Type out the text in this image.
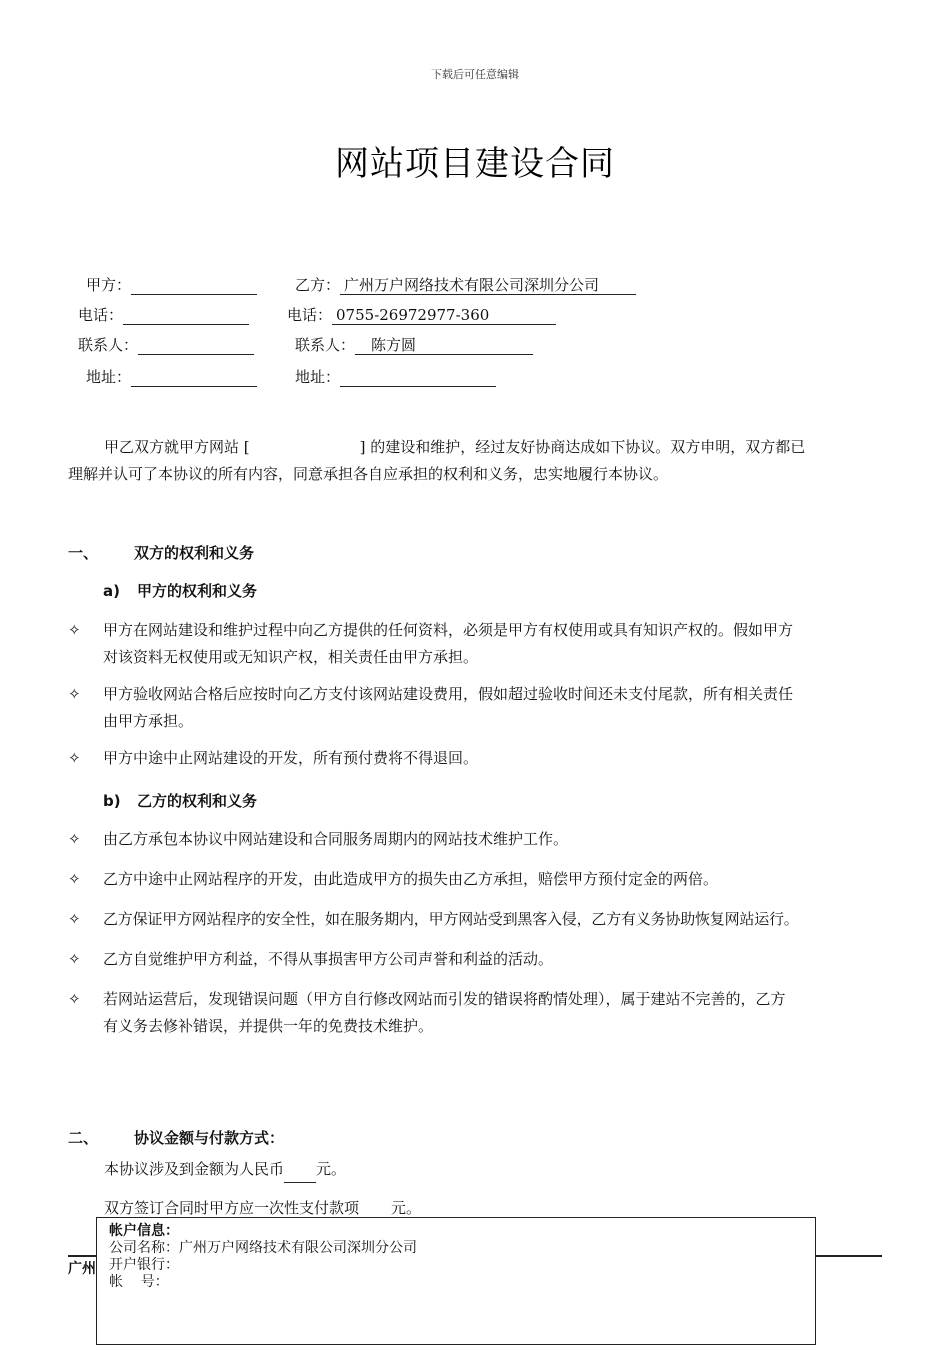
下载后可任意编辑
网站项目建设合同
甲方：	乙方： 广州万户网络技术有限公司深圳分公司
电话：	电话： 0755-26972977-360
联系人：	联系人： 陈方圆
地址：	地址：
甲乙双方就甲方网站 [	] 的建设和维护，经过友好协商达成如下协议。双方申明，双方都已
理解并认可了本协议的所有内容，同意承担各自应承担的权利和义务，忠实地履行本协议。
一、 双方的权利和义务
a) 甲方的权利和义务
✧	甲方在网站建设和维护过程中向乙方提供的任何资料，必须是甲方有权使用或具有知识产权的。假如甲方
对该资料无权使用或无知识产权，相关责任由甲方承担。
✧	甲方验收网站合格后应按时向乙方支付该网站建设费用，假如超过验收时间还未支付尾款，所有相关责任
由甲方承担。
✧	甲方中途中止网站建设的开发，所有预付费将不得退回。
b) 乙方的权利和义务
✧	由乙方承包本协议中网站建设和合同服务周期内的网站技术维护工作。
✧	乙方中途中止网站程序的开发，由此造成甲方的损失由乙方承担，赔偿甲方预付定金的两倍。
✧	乙方保证甲方网站程序的安全性，如在服务期内，甲方网站受到黑客入侵，乙方有义务协助恢复网站运行。
✧	乙方自觉维护甲方利益，不得从事损害甲方公司声誉和利益的活动。
✧	若网站运营后，发现错误问题（甲方自行修改网站而引发的错误将酌情处理），属于建站不完善的，乙方
有义务去修补错误，并提供一年的免费技术维护。
二、 协议金额与付款方式：
本协议涉及到金额为人民币 元。
双方签订合同时甲方应一次性支付款项 元。
广州
帐户信息：
公司名称：广州万户网络技术有限公司深圳分公司
开户银行：
帐    号：
